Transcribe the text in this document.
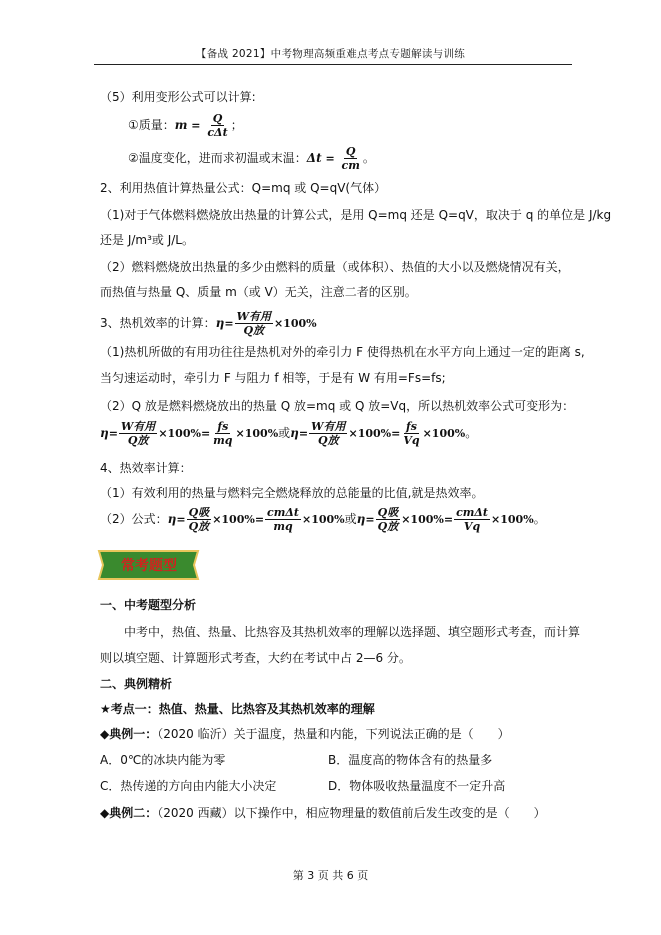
【备战 2021】中考物理高频重难点考点专题解读与训练
（5）利用变形公式可以计算:
①质量：$m = \frac{Q}{\text{cΔt}}$ ；
②温度变化，进而求初温或末温：$\Delta t = \frac{Q}{cm}$ 。
2、利用热值计算热量公式：Q=mq 或 Q=qV(气体）
（1)对于气体燃料燃烧放出热量的计算公式，是用 Q=mq 还是 Q=qV，取决于 q 的单位是 J/kg
还是 J/m³或 J/L。
（2）燃料燃烧放出热量的多少由燃料的质量（或体积）、热值的大小以及燃烧情况有关，
而热值与热量 Q、质量 m（或 V）无关，注意二者的区别。
3、热机效率的计算：$\eta= \frac{\text{W有用}}{\text{Q放}} \times 100\%$
（1)热机所做的有用功往往是热机对外的牵引力 F 使得热机在水平方向上通过一定的距离 s,
当匀速运动时，牵引力 F 与阻力 f 相等，于是有 W 有用=Fs=fs;
（2）Q 放是燃料燃烧放出的热量 Q 放=mq 或 Q 放=Vq，所以热机效率公式可变形为：
$\eta= \frac{\text{W有用}}{\text{Q放}} \times 100\%= \frac{fs}{mq} \times 100\%$或$\eta= \frac{\text{W有用}}{\text{Q放}} \times 100\%= \frac{fs}{Vq} \times 100\%$。
4、热效率计算：
（1）有效利用的热量与燃料完全燃烧释放的总能量的比值,就是热效率。
（2）公式：$\eta= \frac{\text{Q吸}}{\text{Q放}} \times 100\%= \frac{\text{cmΔt}}{mq} \times 100\%$或$\eta= \frac{\text{Q吸}}{\text{Q放}} \times 100\%= \frac{\text{cmΔt}}{Vq} \times 100\%$。
常考题型
一、中考题型分析
中考中，热值、热量、比热容及其热机效率的理解以选择题、填空题形式考查，而计算
则以填空题、计算题形式考查，大约在考试中占 2—6 分。
二、典例精析
★考点一：热值、热量、比热容及其热机效率的理解
◆典例一：（2020 临沂）关于温度，热量和内能，下列说法正确的是（　　）
A．0℃的冰块内能为零	B．温度高的物体含有的热量多
C．热传递的方向由内能大小决定	D．物体吸收热量温度不一定升高
◆典例二：（2020 西藏）以下操作中，相应物理量的数值前后发生改变的是（　　）
第 3 页 共 6 页
